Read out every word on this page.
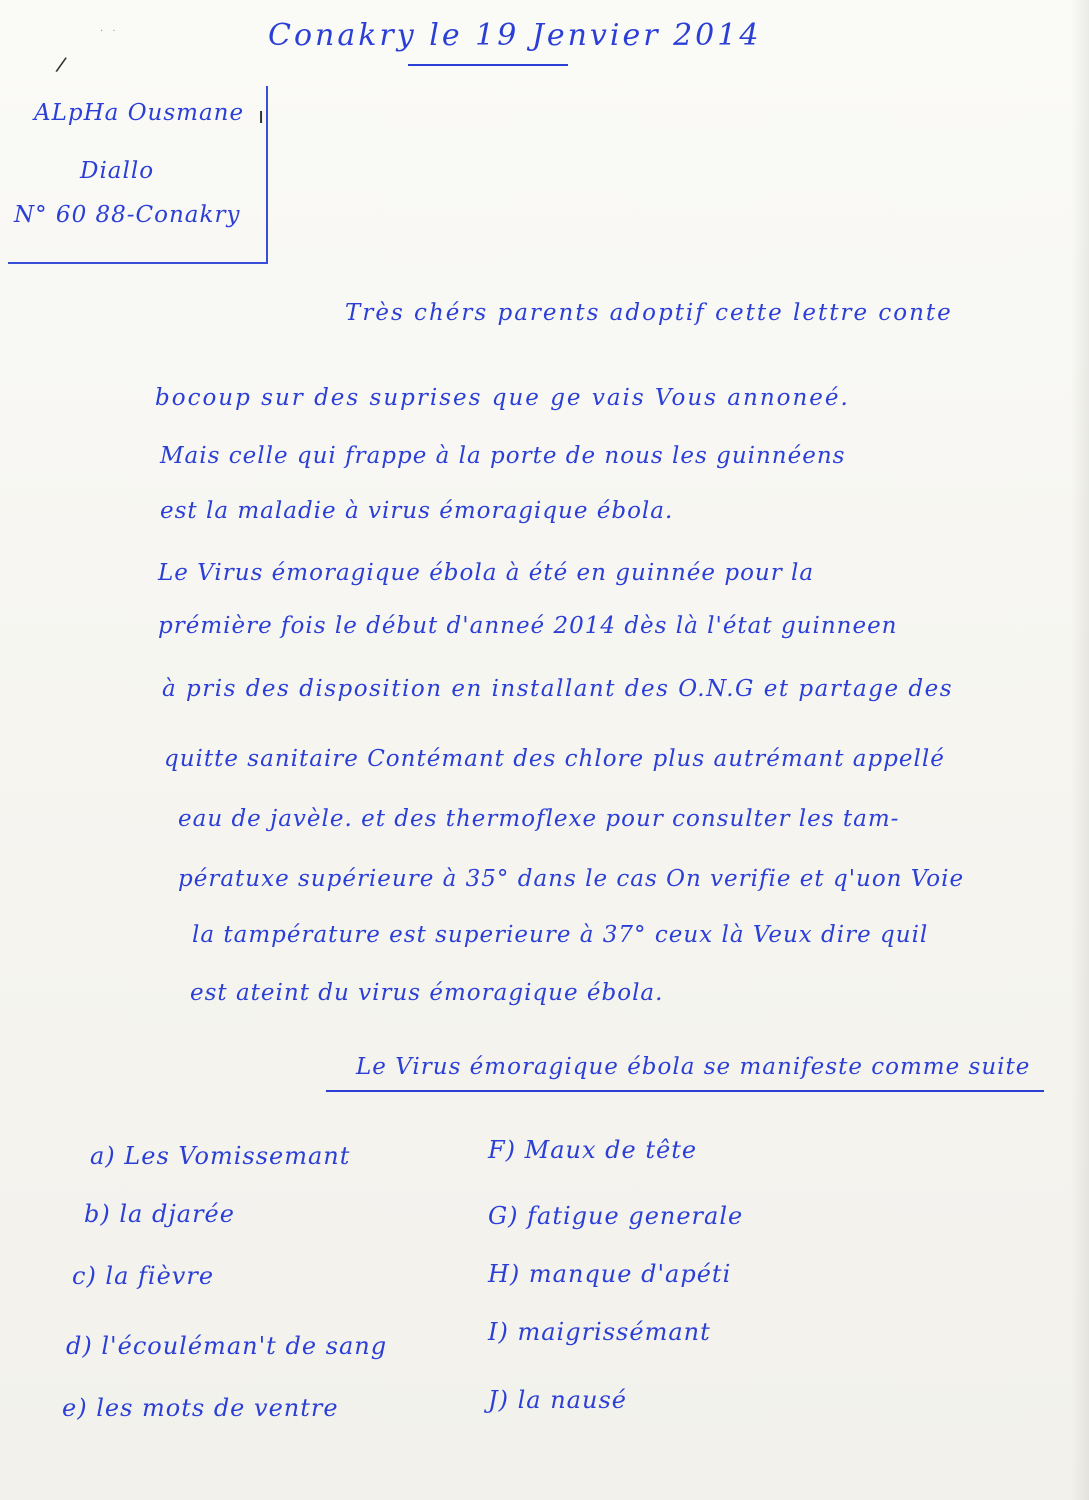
· ·
/
Conakry le 19 Jenvier 2014
ı
ALpHa Ousmane
Diallo
N° 60 88-Conakry
Très chérs parents adoptif cette lettre conte
bocoup sur des suprises que ge vais Vous annoneé.
Mais celle qui frappe à la porte de nous les guinnéens
est la maladie à virus émoragique ébola.
Le Virus émoragique ébola à été en guinnée pour la
prémière fois le début d'anneé 2014 dès là l'état guinneen
à pris des disposition en installant des O.N.G et partage des
quitte sanitaire Contémant des chlore plus autrémant appellé
eau de javèle. et des thermoflexe pour consulter les tam-
pératuxe supérieure à 35° dans le cas On verifie et q'uon Voie
la tampérature est superieure à 37° ceux là Veux dire quil
est ateint du virus émoragique ébola.
Le Virus émoragique ébola se manifeste comme suite
a) Les Vomissemant
b) la djarée
c) la fièvre
d) l'écouléman't de sang
e) les mots de ventre
F) Maux de tête
G) fatigue generale
H) manque d'apéti
I) maigrissémant
J) la nausé
